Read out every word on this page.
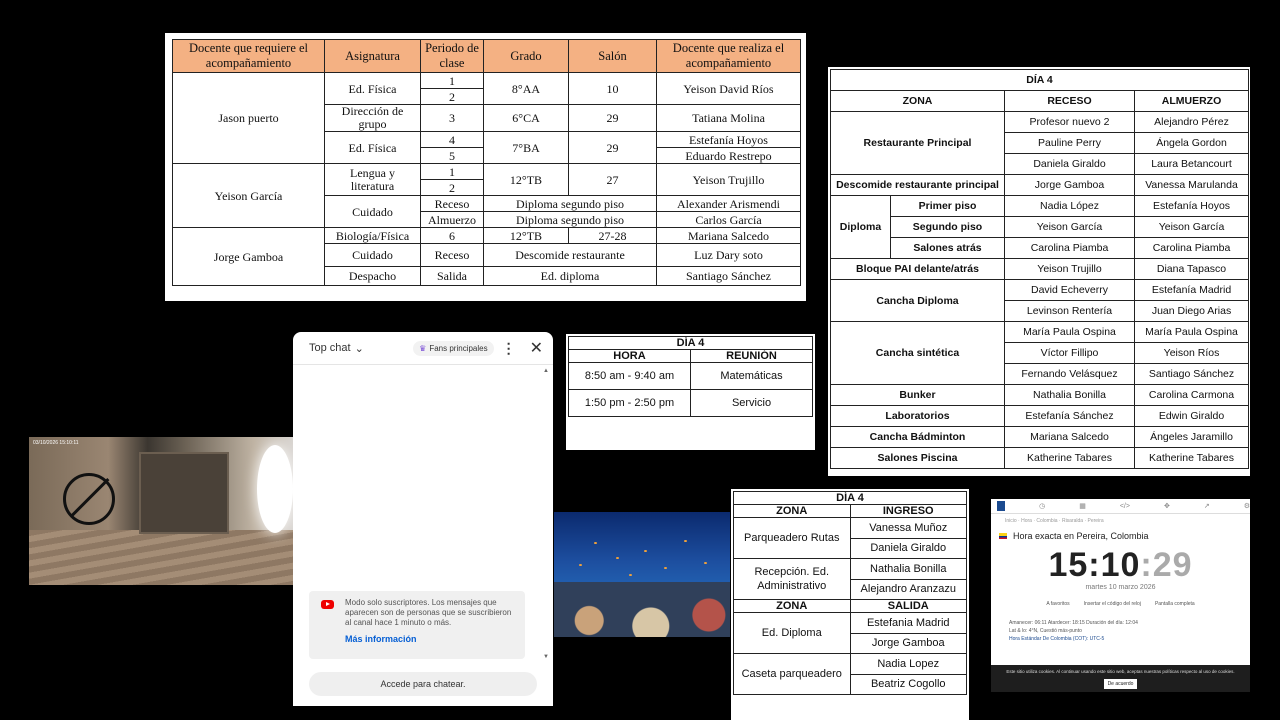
Docente que requiere el acompañamiento	Asignatura	Periodo de clase	Grado	Salón	Docente que realiza el acompañamiento
Jason puerto	Ed. Física	1	8°AA	10	Yeison David Ríos
		2			
	Dirección de grupo	3	6°CA	29	Tatiana Molina

	Ed. Física	4	7°BA	29	Estefanía Hoyos
		5			Eduardo Restrepo
Yeison García	Lengua y literatura	1	12°TB	27	Yeison Trujillo
		2			
	Cuidado	Receso	Diploma segundo piso		Alexander Arismendi
		Almuerzo	Diploma segundo piso		Carlos García
Jorge Gamboa	Biología/Física	6	12°TB	27-28	Mariana Salcedo
	Cuidado	Receso	Descomide restaurante		Luz Dary soto
	Despacho	Salida	Ed. diploma		Santiago Sánchez
DÍA 4			
ZONA		RECESO	ALMUERZO
Restaurante Principal		Profesor nuevo 2	Alejandro Pérez
		Pauline Perry	Ángela Gordon
		Daniela Giraldo	Laura Betancourt
Descomide restaurante principal		Jorge Gamboa	Vanessa Marulanda
Diploma	Primer piso	Nadia López	Estefanía Hoyos
	Segundo piso	Yeison García	Yeison García
	Salones atrás	Carolina Piamba	Carolina Piamba
Bloque PAI delante/atrás		Yeison Trujillo	Diana Tapasco
Cancha Diploma		David Echeverry	Estefanía Madrid
		Levinson Rentería	Juan Diego Arias
Cancha sintética		María Paula Ospina	María Paula Ospina
		Víctor Fillipo	Yeison Ríos
		Fernando Velásquez	Santiago Sánchez
Bunker		Nathalia Bonilla	Carolina Carmona
Laboratorios		Estefanía Sánchez	Edwin Giraldo
Cancha Bádminton		Mariana Salcedo	Ángeles Jaramillo
Salones Piscina		Katherine Tabares	Katherine Tabares
DÍA 4	
HORA	REUNIÓN
8:50 am - 9:40 am	Matemáticas
1:50 pm - 2:50 pm	Servicio
DÍA 4	
ZONA	INGRESO
Parqueadero Rutas	Vanessa Muñoz
	Daniela Giraldo
Recepción. Ed. Administrativo	Nathalia Bonilla
	Alejandro Aranzazu
ZONA	SALIDA
Ed. Diploma	Estefania Madrid
	Jorge Gamboa
Caseta parqueadero	Nadia Lopez
	Beatriz Cogollo
Top chat ⌄	♛ Fans principales ⋮ ✕
▲
▼
Modo solo suscriptores. Los mensajes que aparecen son de personas que se suscribieron al canal hace 1 minuto o más.
Más información
Accede para chatear.
03/10/2026 15:10:11
◷	▦	</>	✥	↗	⚙
Inicio · Hora · Colombia · Risaralda · Pereira
Hora exacta en Pereira, Colombia
15:10:29
martes 10 marzo 2026
A favoritos	Insertar el código del reloj	Pantalla completa
Amanecer: 06:11 Atardecer: 18:15 Duración del día: 12:04
Lat & lo: 4°N, Cuestió más-punto
Hora Estándar De Colombia (COT): UTC-5
Este sitio utiliza cookies. Al continuar usando este sitio web, aceptas nuestras políticas respecto al uso de cookies.
De acuerdo
